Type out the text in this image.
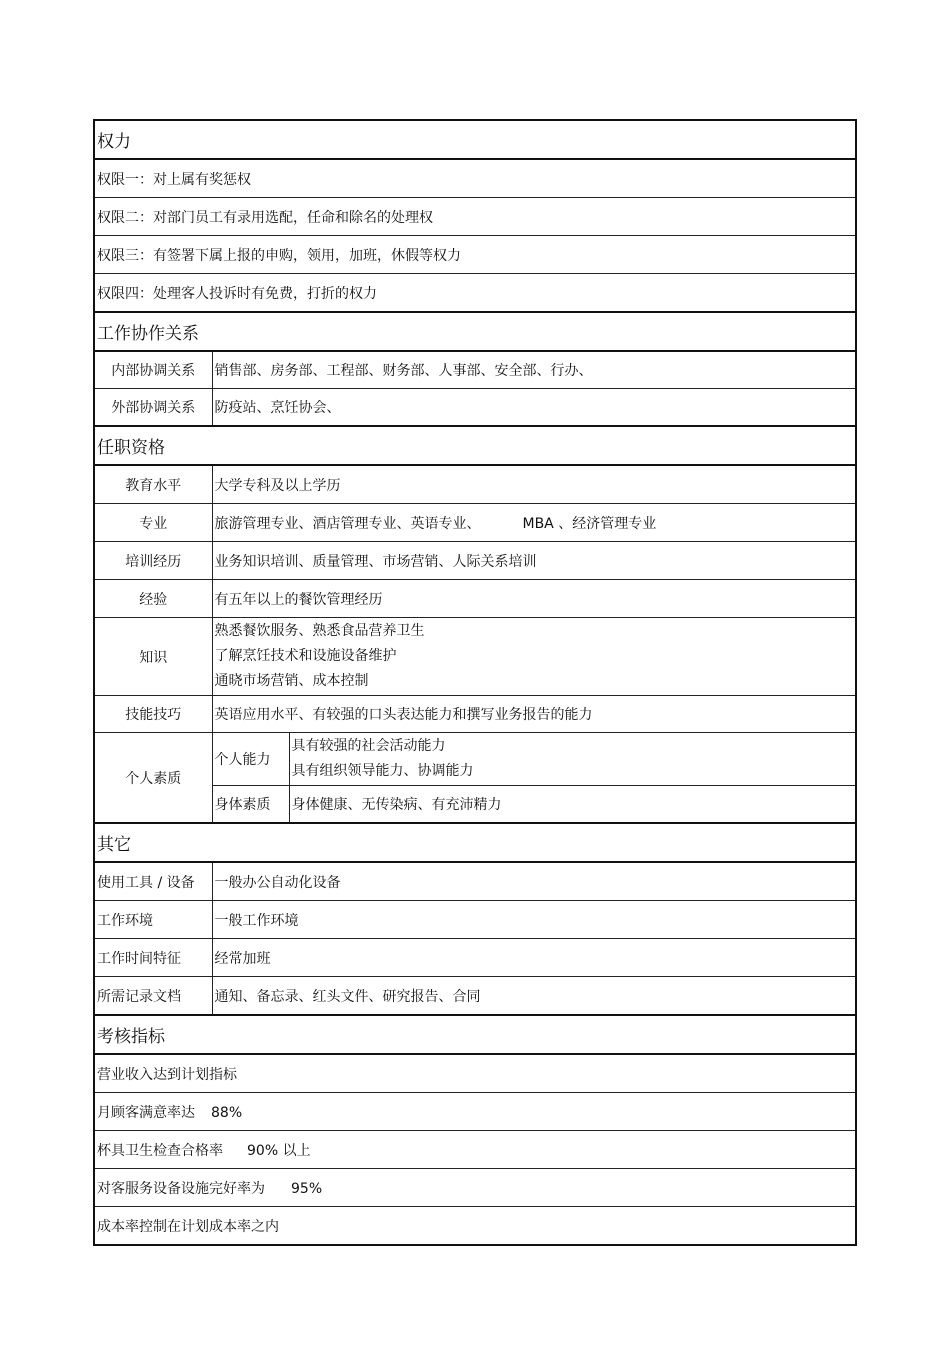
权力		
权限一：对上属有奖惩权		
权限二：对部门员工有录用选配，任命和除名的处理权		
权限三：有签署下属上报的申购，领用，加班，休假等权力		
权限四：处理客人投诉时有免费，打折的权力		
工作协作关系		
内部协调关系	销售部、房务部、工程部、财务部、人事部、安全部、行办、	
外部协调关系	防疫站、烹饪协会、	
任职资格		
教育水平	大学专科及以上学历	
专业	旅游管理专业、酒店管理专业、英语专业、 MBA 、经济管理专业	
培训经历	业务知识培训、质量管理、市场营销、人际关系培训	
经验	有五年以上的餐饮管理经历	
知识	熟悉餐饮服务、熟悉食品营养卫生
了解烹饪技术和设施设备维护
通晓市场营销、成本控制	

技能技巧	英语应用水平、有较强的口头表达能力和撰写业务报告的能力	
个人素质	个人能力	具有较强的社会活动能力
具有组织领导能力、协调能力

	身体素质	身体健康、无传染病、有充沛精力
其它		
使用工具 / 设备	一般办公自动化设备	
工作环境	一般工作环境	
工作时间特征	经常加班	
所需记录文档	通知、备忘录、红头文件、研究报告、合同	
考核指标		
营业收入达到计划指标		
月顾客满意率达 88%		
杯具卫生检查合格率 90% 以上		
对客服务设备设施完好率为 95%		
成本率控制在计划成本率之内		
